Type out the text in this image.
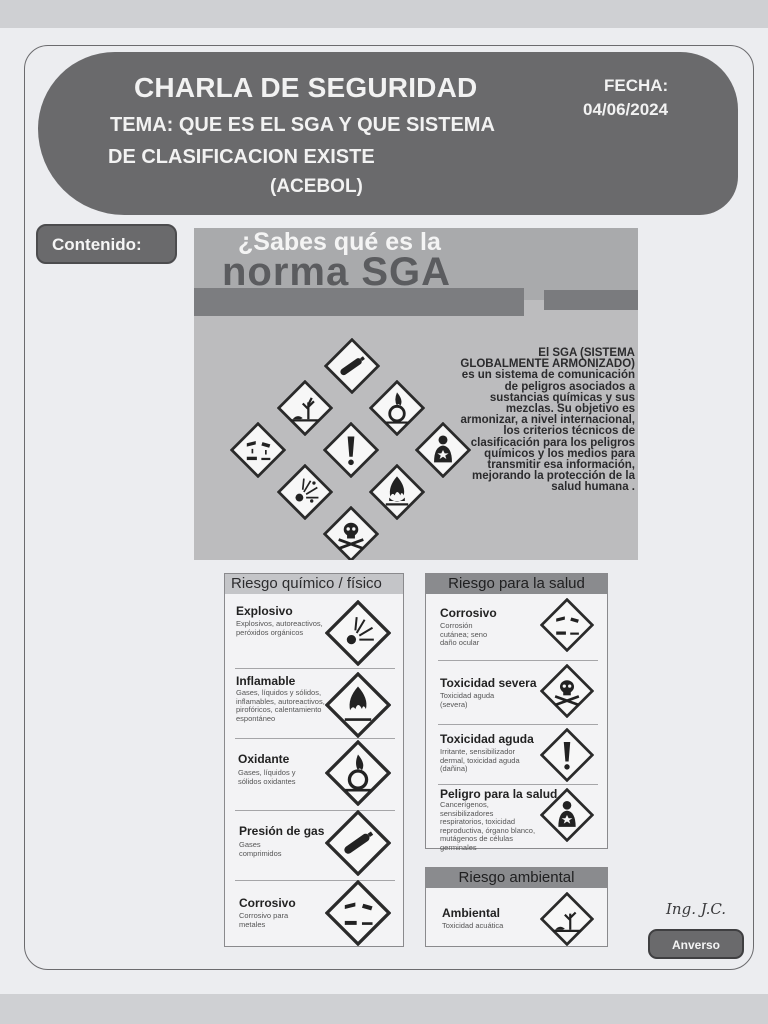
CHARLA DE SEGURIDAD
TEMA: QUE ES EL SGA Y QUE SISTEMA
DE CLASIFICACION EXISTE
(ACEBOL)
FECHA:
04/06/2024
Contenido:	¿Sabes qué es la
norma SGA
El SGA (SISTEMA GLOBALMENTE ARMONIZADO) es un sistema de comunicación de peligros asociados a sustancias químicas y sus mezclas. Su objetivo es armonizar, a nivel internacional, los criterios técnicos de clasificación para los peligros químicos y los medios para transmitir esa información, mejorando la protección de la salud humana .
Riesgo químico / físico
Explosivo
Explosivos, autoreactivos, peróxidos orgánicos
Inflamable
Gases, líquidos y sólidos, inflamables, autoreactivos, pirofóricos, calentamiento espontáneo
Oxidante
Gases, líquidos y sólidos oxidantes
Presión de gas
Gases comprimidos
Corrosivo
Corrosivo para metales
Riesgo para la salud
Corrosivo
Corrosión cutánea; seno daño ocular
Toxicidad severa
Toxicidad aguda (severa)
Toxicidad aguda
Irritante, sensibilizador dermal, toxicidad aguda (dañina)
Peligro para la salud
Cancerígenos, sensibilizadores respiratorios, toxicidad reproductiva, órgano blanco, mutágenos de células germinales
Riesgo ambiental
Ambiental
Toxicidad acuática
Ing. J.C.
Anverso
